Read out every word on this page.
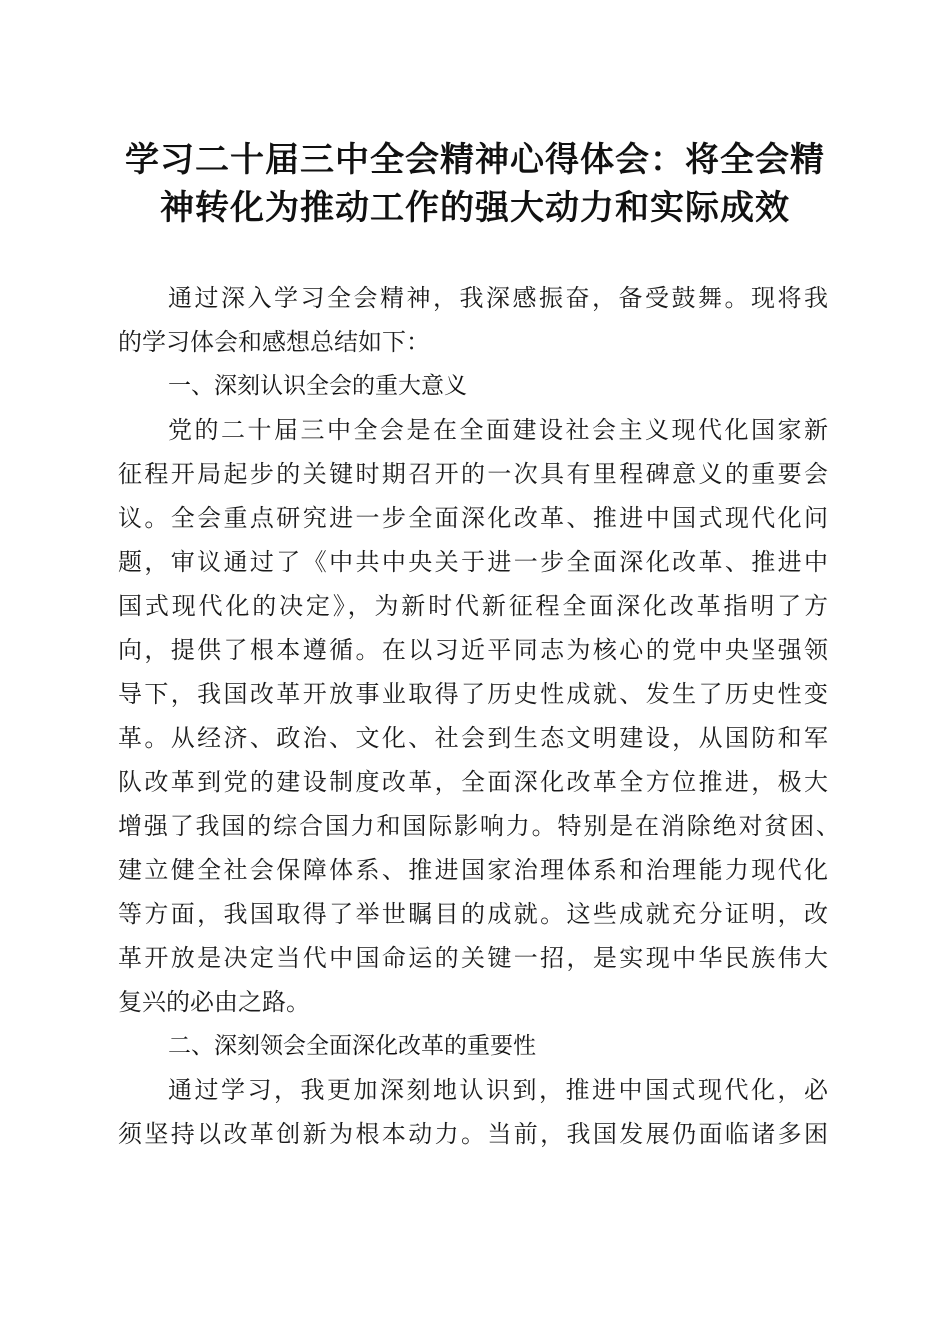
学习二十届三中全会精神心得体会：将全会精
神转化为推动工作的强大动力和实际成效
通过深入学习全会精神，我深感振奋，备受鼓舞。现将我
的学习体会和感想总结如下：
一、深刻认识全会的重大意义
党的二十届三中全会是在全面建设社会主义现代化国家新
征程开局起步的关键时期召开的一次具有里程碑意义的重要会
议。全会重点研究进一步全面深化改革、推进中国式现代化问
题，审议通过了《中共中央关于进一步全面深化改革、推进中
国式现代化的决定》，为新时代新征程全面深化改革指明了方
向，提供了根本遵循。在以习近平同志为核心的党中央坚强领
导下，我国改革开放事业取得了历史性成就、发生了历史性变
革。从经济、政治、文化、社会到生态文明建设，从国防和军
队改革到党的建设制度改革，全面深化改革全方位推进，极大
增强了我国的综合国力和国际影响力。特别是在消除绝对贫困、
建立健全社会保障体系、推进国家治理体系和治理能力现代化
等方面，我国取得了举世瞩目的成就。这些成就充分证明，改
革开放是决定当代中国命运的关键一招，是实现中华民族伟大
复兴的必由之路。
二、深刻领会全面深化改革的重要性
通过学习，我更加深刻地认识到，推进中国式现代化，必
须坚持以改革创新为根本动力。当前，我国发展仍面临诸多困
